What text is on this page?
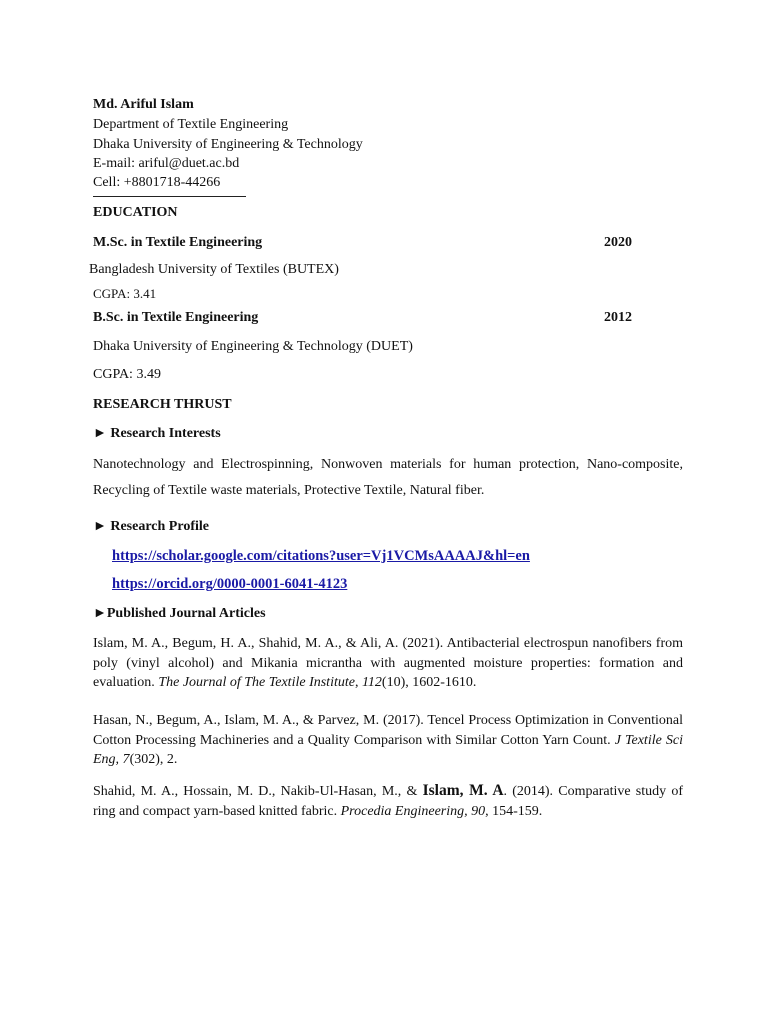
Md. Ariful Islam
Department of Textile Engineering
Dhaka University of Engineering & Technology
E-mail: ariful@duet.ac.bd
Cell: +8801718-44266
EDUCATION
M.Sc. in Textile Engineering	2020
Bangladesh University of Textiles (BUTEX)
CGPA: 3.41
B.Sc. in Textile Engineering	2012
Dhaka University of Engineering & Technology (DUET)
CGPA: 3.49
RESEARCH THRUST
► Research Interests
Nanotechnology and Electrospinning, Nonwoven materials for human protection, Nano-composite, Recycling of Textile waste materials, Protective Textile, Natural fiber.
► Research Profile
https://scholar.google.com/citations?user=Vj1VCMsAAAAJ&hl=en
https://orcid.org/0000-0001-6041-4123
►Published Journal Articles
Islam, M. A., Begum, H. A., Shahid, M. A., & Ali, A. (2021). Antibacterial electrospun nanofibers from poly (vinyl alcohol) and Mikania micrantha with augmented moisture properties: formation and evaluation. The Journal of The Textile Institute, 112(10), 1602-1610.
Hasan, N., Begum, A., Islam, M. A., & Parvez, M. (2017). Tencel Process Optimization in Conventional Cotton Processing Machineries and a Quality Comparison with Similar Cotton Yarn Count. J Textile Sci Eng, 7(302), 2.
Shahid, M. A., Hossain, M. D., Nakib-Ul-Hasan, M., & Islam, M. A. (2014). Comparative study of ring and compact yarn-based knitted fabric. Procedia Engineering, 90, 154-159.
